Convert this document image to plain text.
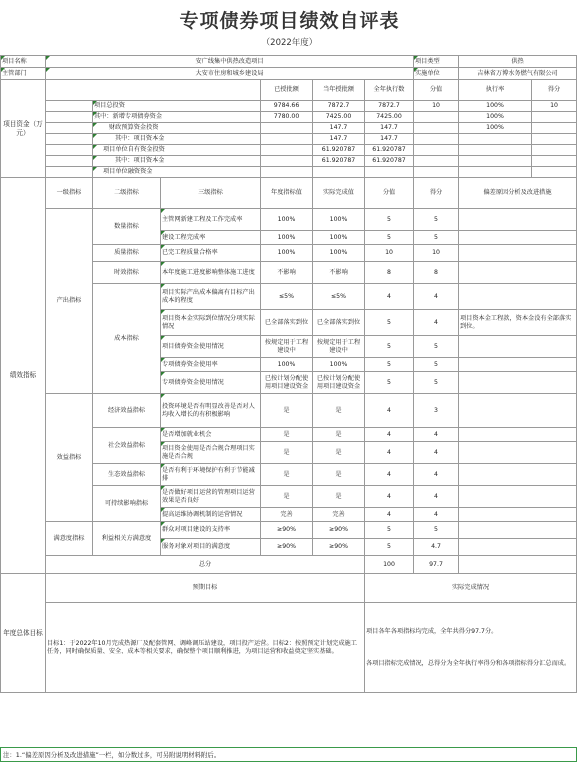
专项债券项目绩效自评表
（2022年度）
项目名称	安广线集中供热改造项目						项目类型	供热	
主管部门	大安市住房和城乡建设局						实施单位	吉林省万博水务燃气有限公司	
项目资金（万元）				已授批额	当年授批额	全年执行数	分值	执行率	得分
		项目总投资		9784.66	7872.7	7872.7	10	100%	10
		其中：新增专项债券资金		7780.00	7425.00	7425.00		100%	
		财政预算资金投资			147.7	147.7		100%	
		其中：项目资本金			147.7	147.7			
		项目单位自有资金投资			61.920787	61.920787			
		其中：项目资本金			61.920787	61.920787			
		项目单位融资资金							
绩效指标	一级指标	二级指标	三级指标	年度指标值	实际完成值	分值	得分	偏差原因分析及改进措施	
	产出指标	数量指标	主管网新建工程及工作完成率	100%	100%	5	5		
			建设工程完成率	100%	100%	5	5		
		质量指标	已完工程质量合格率	100%	100%	10	10		
		时效指标	本年度施工进度影响整体施工进度	不影响	不影响	8	8		
		成本指标	项目实际产出成本偏离有目标产出成本的程度	≤5%	≤5%	4	4		
			项目资本金实际到位情况分项实际情况	已全部落实到位	已全部落实到位	5	4	项目资本金工程款，资本金没有全部落实到位。	
			项目债券资金使用情况	按规定用于工程建设中	按规定用于工程建设中	5	5		
			专项债券资金使用率	100%	100%	5	5		
			专项债券资金使用情况	已按计划分配使用项目建设资金	已按计划分配使用项目建设资金	5	5		
	效益指标	经济效益指标	投资环境是否有明显改善是否对人均收入增长的有积极影响	是	是	4	3		
		社会效益指标	是否增加就业机会	是	是	4	4		
			项目资金使用是否合规合理项目实施是否合规	是	是	4	4		
		生态效益指标	是否有利于环境保护有利于节能减排	是	是	4	4		
		可持续影响指标	是否做好项目运营的管理项目运营效果是否良好	是	是	4	4		
			提高运维协调机制的运营情况	完善	完善	4	4		
	满意度指标	利益相关方满意度	群众对项目建设的支持率	≥90%	≥90%	5	5		
			服务对象对项目的满意度	≥90%	≥90%	5	4.7		
	总分					100	97.7		
年度总体目标	预期目标					实际完成情况			
	目标1：于2022年10月完成热源厂及配套管网、调峰调压站建设，项目投产运营。目标2：按照预定计划完成施工任务，同时确保质量、安全、成本等相关要求，确保整个项目顺利推进，为项目运营和收益奠定坚实基础。					项目各年各项指标均完成，全年共得分97.7分。
各项目指标完成情况，总得分为全年执行率得分和各项指标得分汇总而成。			
注：1.“偏差原因分析及改进措施”一栏，如分数过多，可另附说明材料附后。
